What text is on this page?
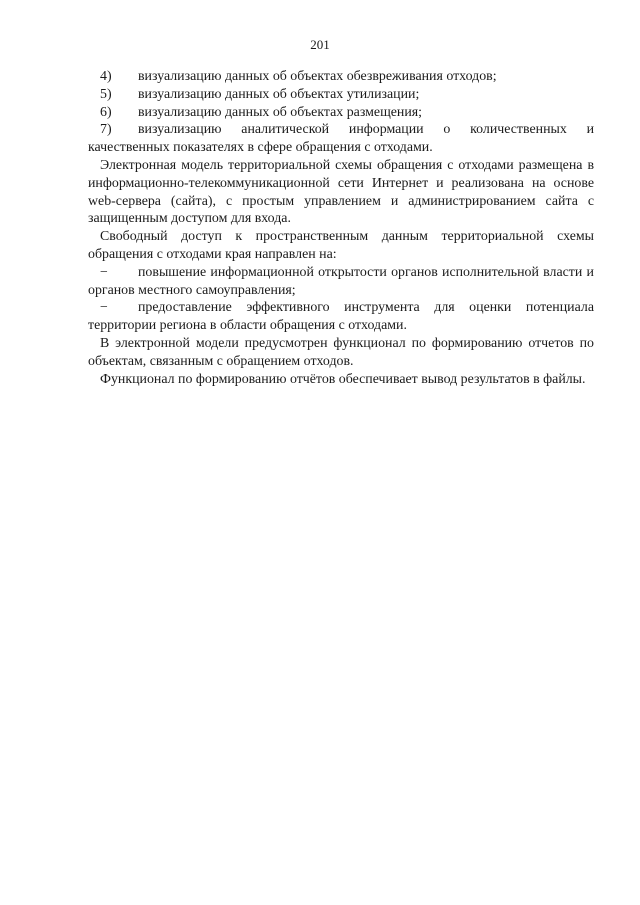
201
4)	визуализацию данных об объектах обезвреживания отходов;
5)	визуализацию данных об объектах утилизации;
6)	визуализацию данных об объектах размещения;
7) визуализацию аналитической информации о количественных и качественных показателях в сфере обращения с отходами.
Электронная модель территориальной схемы обращения с отходами размещена в информационно-телекоммуникационной сети Интернет и реализована на основе web-сервера (сайта), с простым управлением и администрированием сайта с защищенным доступом для входа.
Свободный доступ к пространственным данным территориальной схемы обращения с отходами края направлен на:
− повышение информационной открытости органов исполнительной власти и органов местного самоуправления;
− предоставление эффективного инструмента для оценки потенциала территории региона в области обращения с отходами.
В электронной модели предусмотрен функционал по формированию отчетов по объектам, связанным с обращением отходов.
Функционал по формированию отчётов обеспечивает вывод результатов в файлы.
